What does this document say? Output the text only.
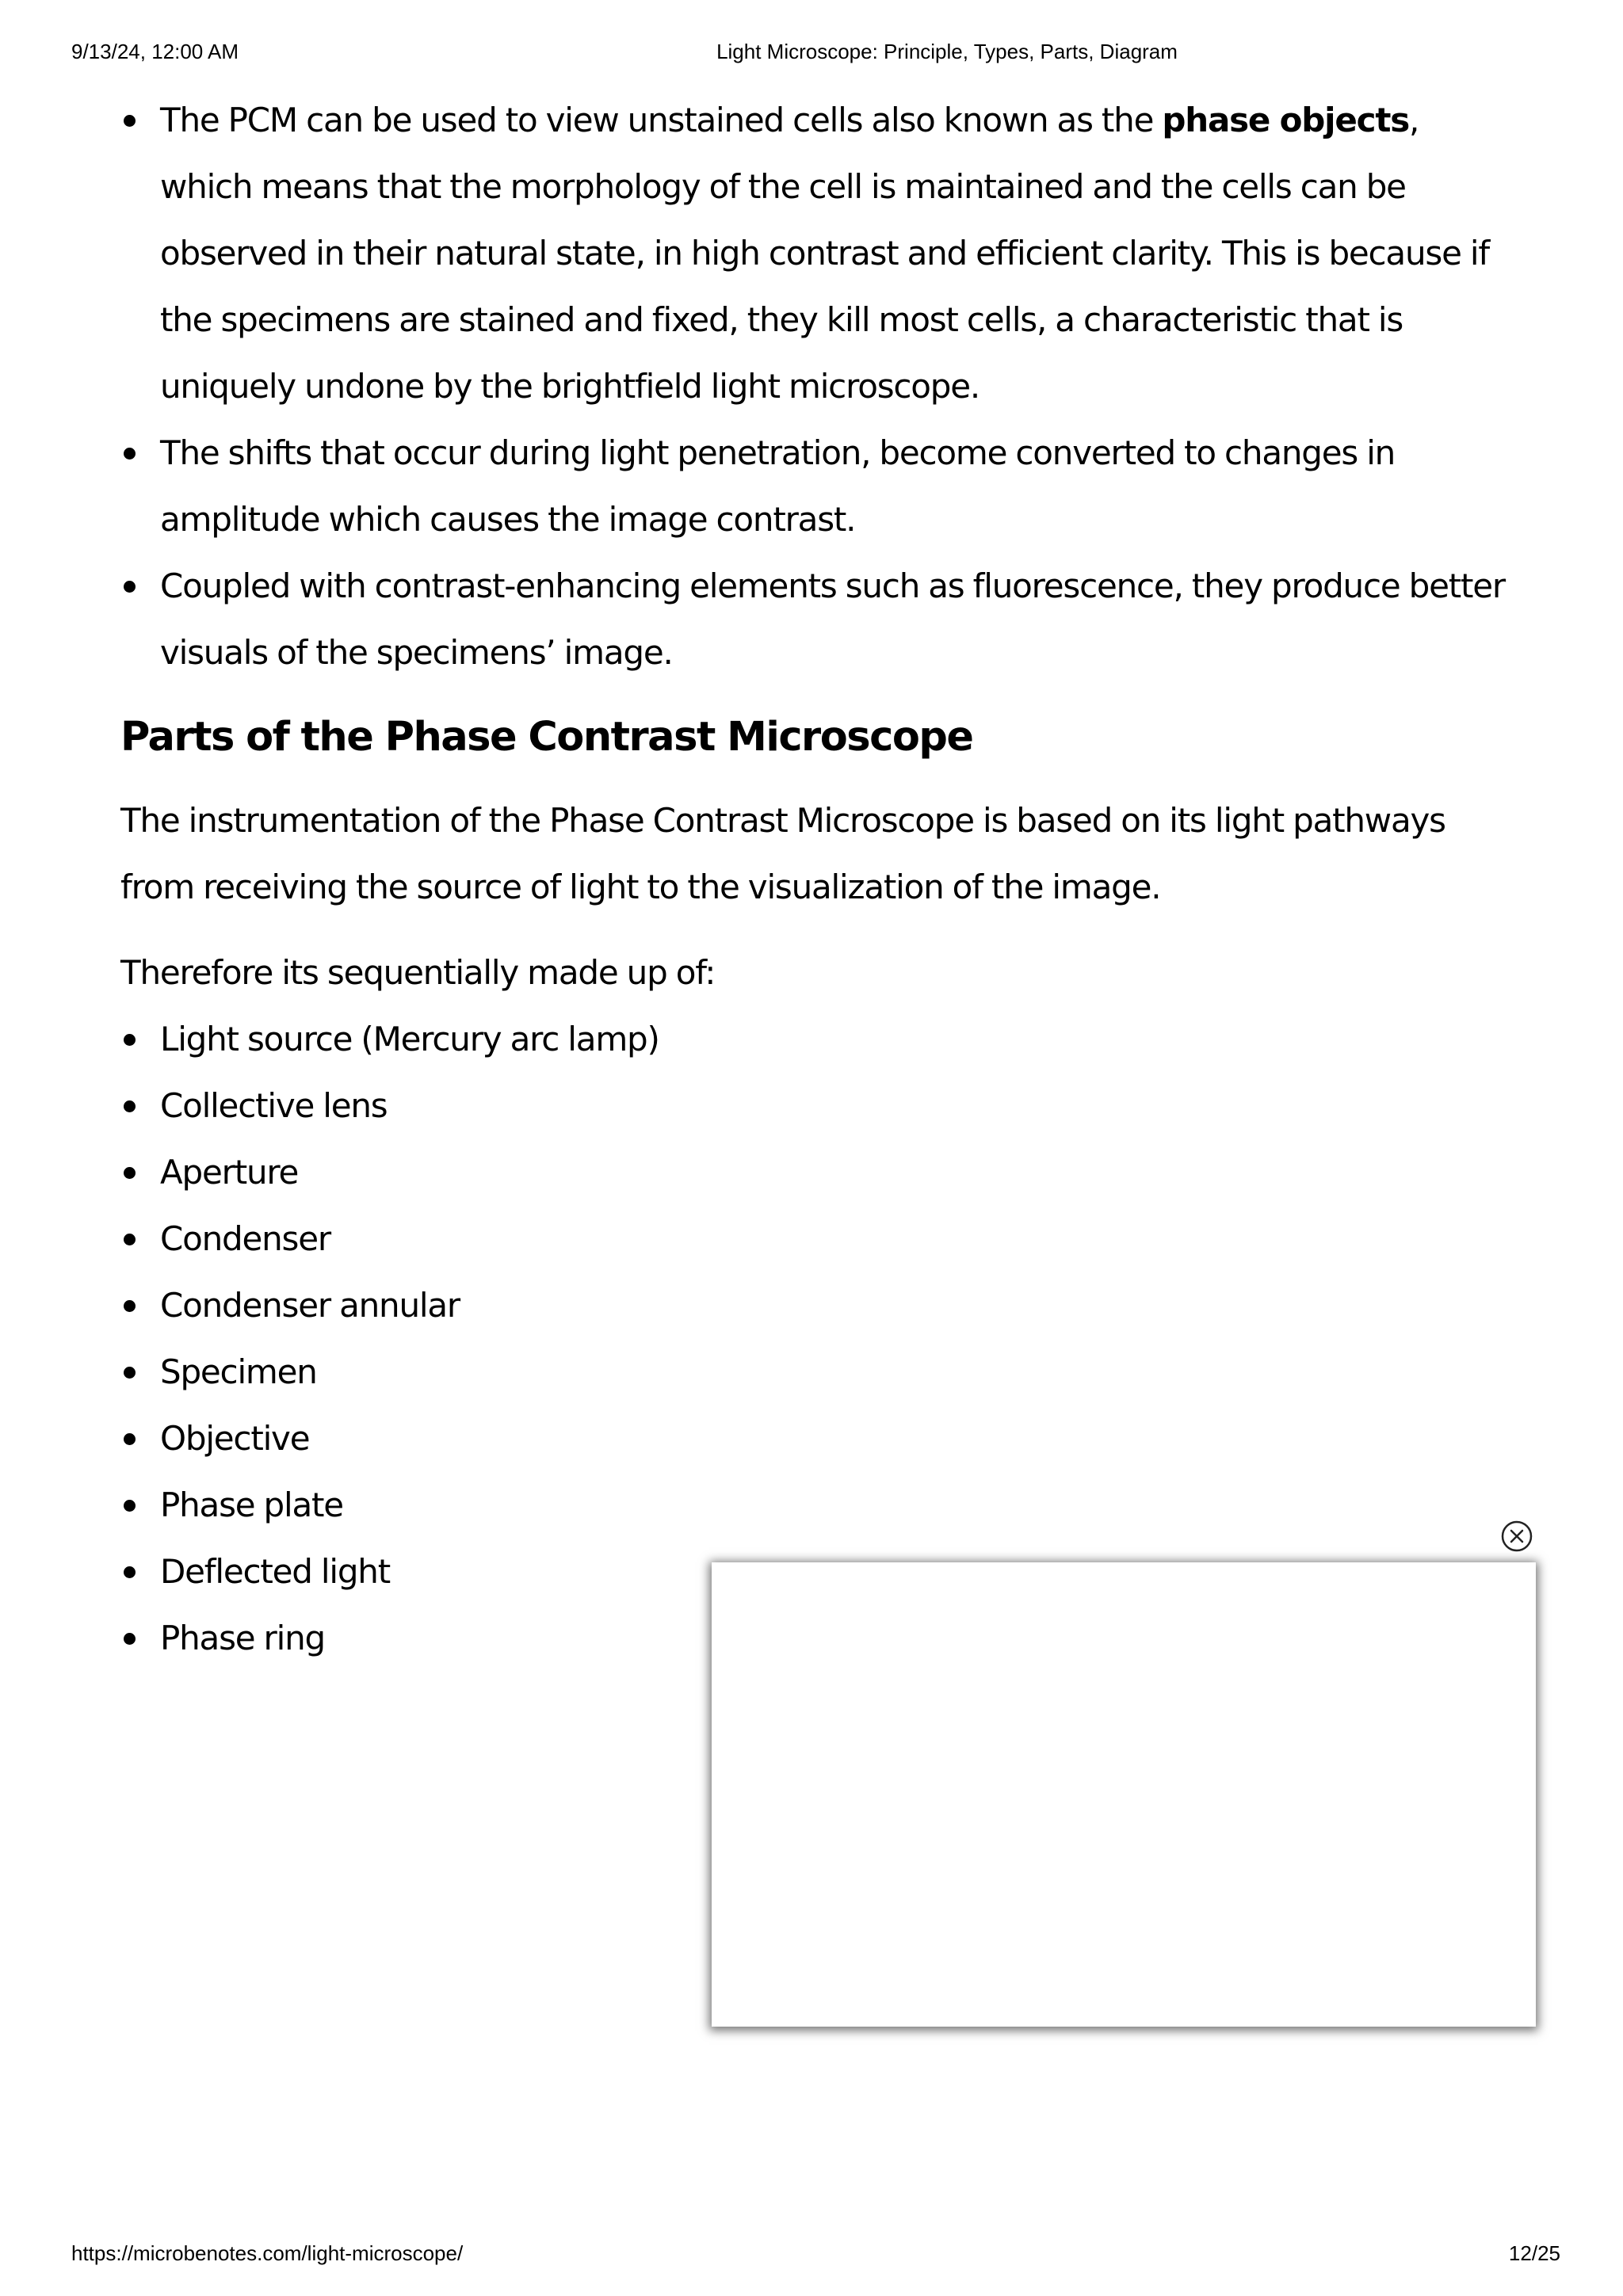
9/13/24, 12:00 AM	Light Microscope: Principle, Types, Parts, Diagram
The PCM can be used to view unstained cells also known as the phase objects, which means that the morphology of the cell is maintained and the cells can be observed in their natural state, in high contrast and efficient clarity. This is because if the specimens are stained and fixed, they kill most cells, a characteristic that is uniquely undone by the brightfield light microscope.
The shifts that occur during light penetration, become converted to changes in amplitude which causes the image contrast.
Coupled with contrast-enhancing elements such as fluorescence, they produce better visuals of the specimens’ image.
Parts of the Phase Contrast Microscope

The instrumentation of the Phase Contrast Microscope is based on its light pathways from receiving the source of light to the visualization of the image.

Therefore its sequentially made up of:

Light source (Mercury arc lamp)
Collective lens
Aperture
Condenser
Condenser annular
Specimen
Objective
Phase plate
Deflected light
Phase ring
https://microbenotes.com/light-microscope/	12/25
